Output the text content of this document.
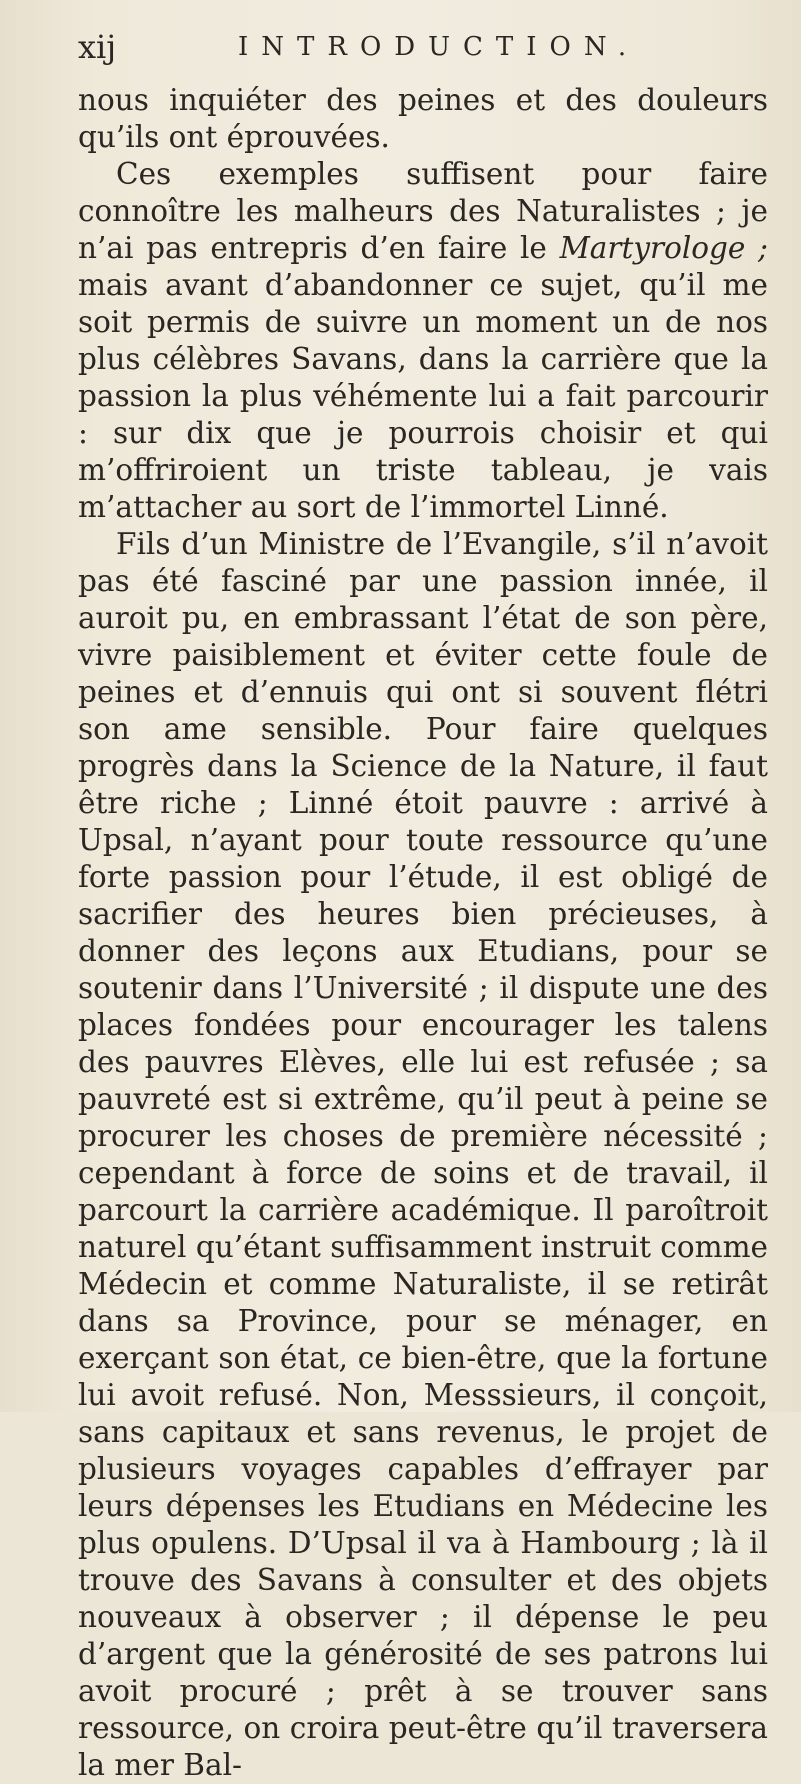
xij	INTRODUCTION.

nous inquiéter des peines et des douleurs qu’ils ont éprouvées.

Ces exemples suffisent pour faire connoître les malheurs des Naturalistes ; je n’ai pas entrepris d’en faire le Martyrologe ; mais avant d’abandonner ce sujet, qu’il me soit permis de suivre un moment un de nos plus célèbres Savans, dans la carrière que la passion la plus véhémente lui a fait parcourir : sur dix que je pourrois choisir et qui m’offriroient un triste tableau, je vais m’attacher au sort de l’immortel Linné.

Fils d’un Ministre de l’Evangile, s’il n’avoit pas été fasciné par une passion innée, il auroit pu, en embrassant l’état de son père, vivre paisiblement et éviter cette foule de peines et d’ennuis qui ont si souvent flétri son ame sensible. Pour faire quelques progrès dans la Science de la Nature, il faut être riche ; Linné étoit pauvre : arrivé à Upsal, n’ayant pour toute ressource qu’une forte passion pour l’étude, il est obligé de sacrifier des heures bien précieuses, à donner des leçons aux Etudians, pour se soutenir dans l’Université ; il dispute une des places fondées pour encourager les talens des pauvres Elèves, elle lui est refusée ; sa pauvreté est si extrême, qu’il peut à peine se procurer les choses de première nécessité ; cependant à force de soins et de travail, il parcourt la carrière académique. Il paroîtroit naturel qu’étant suffisamment instruit comme Médecin et comme Naturaliste, il se retirât dans sa Province, pour se ménager, en exerçant son état, ce bien-être, que la fortune lui avoit refusé. Non, Messsieurs, il conçoit, sans capitaux et sans revenus, le projet de plusieurs voyages capables d’effrayer par leurs dépenses les Etudians en Médecine les plus opulens. D’Upsal il va à Hambourg ; là il trouve des Savans à consulter et des objets nouveaux à observer ; il dépense le peu d’argent que la générosité de ses patrons lui avoit procuré ; prêt à se trouver sans ressource, on croira peut-être qu’il traversera la mer Bal-
